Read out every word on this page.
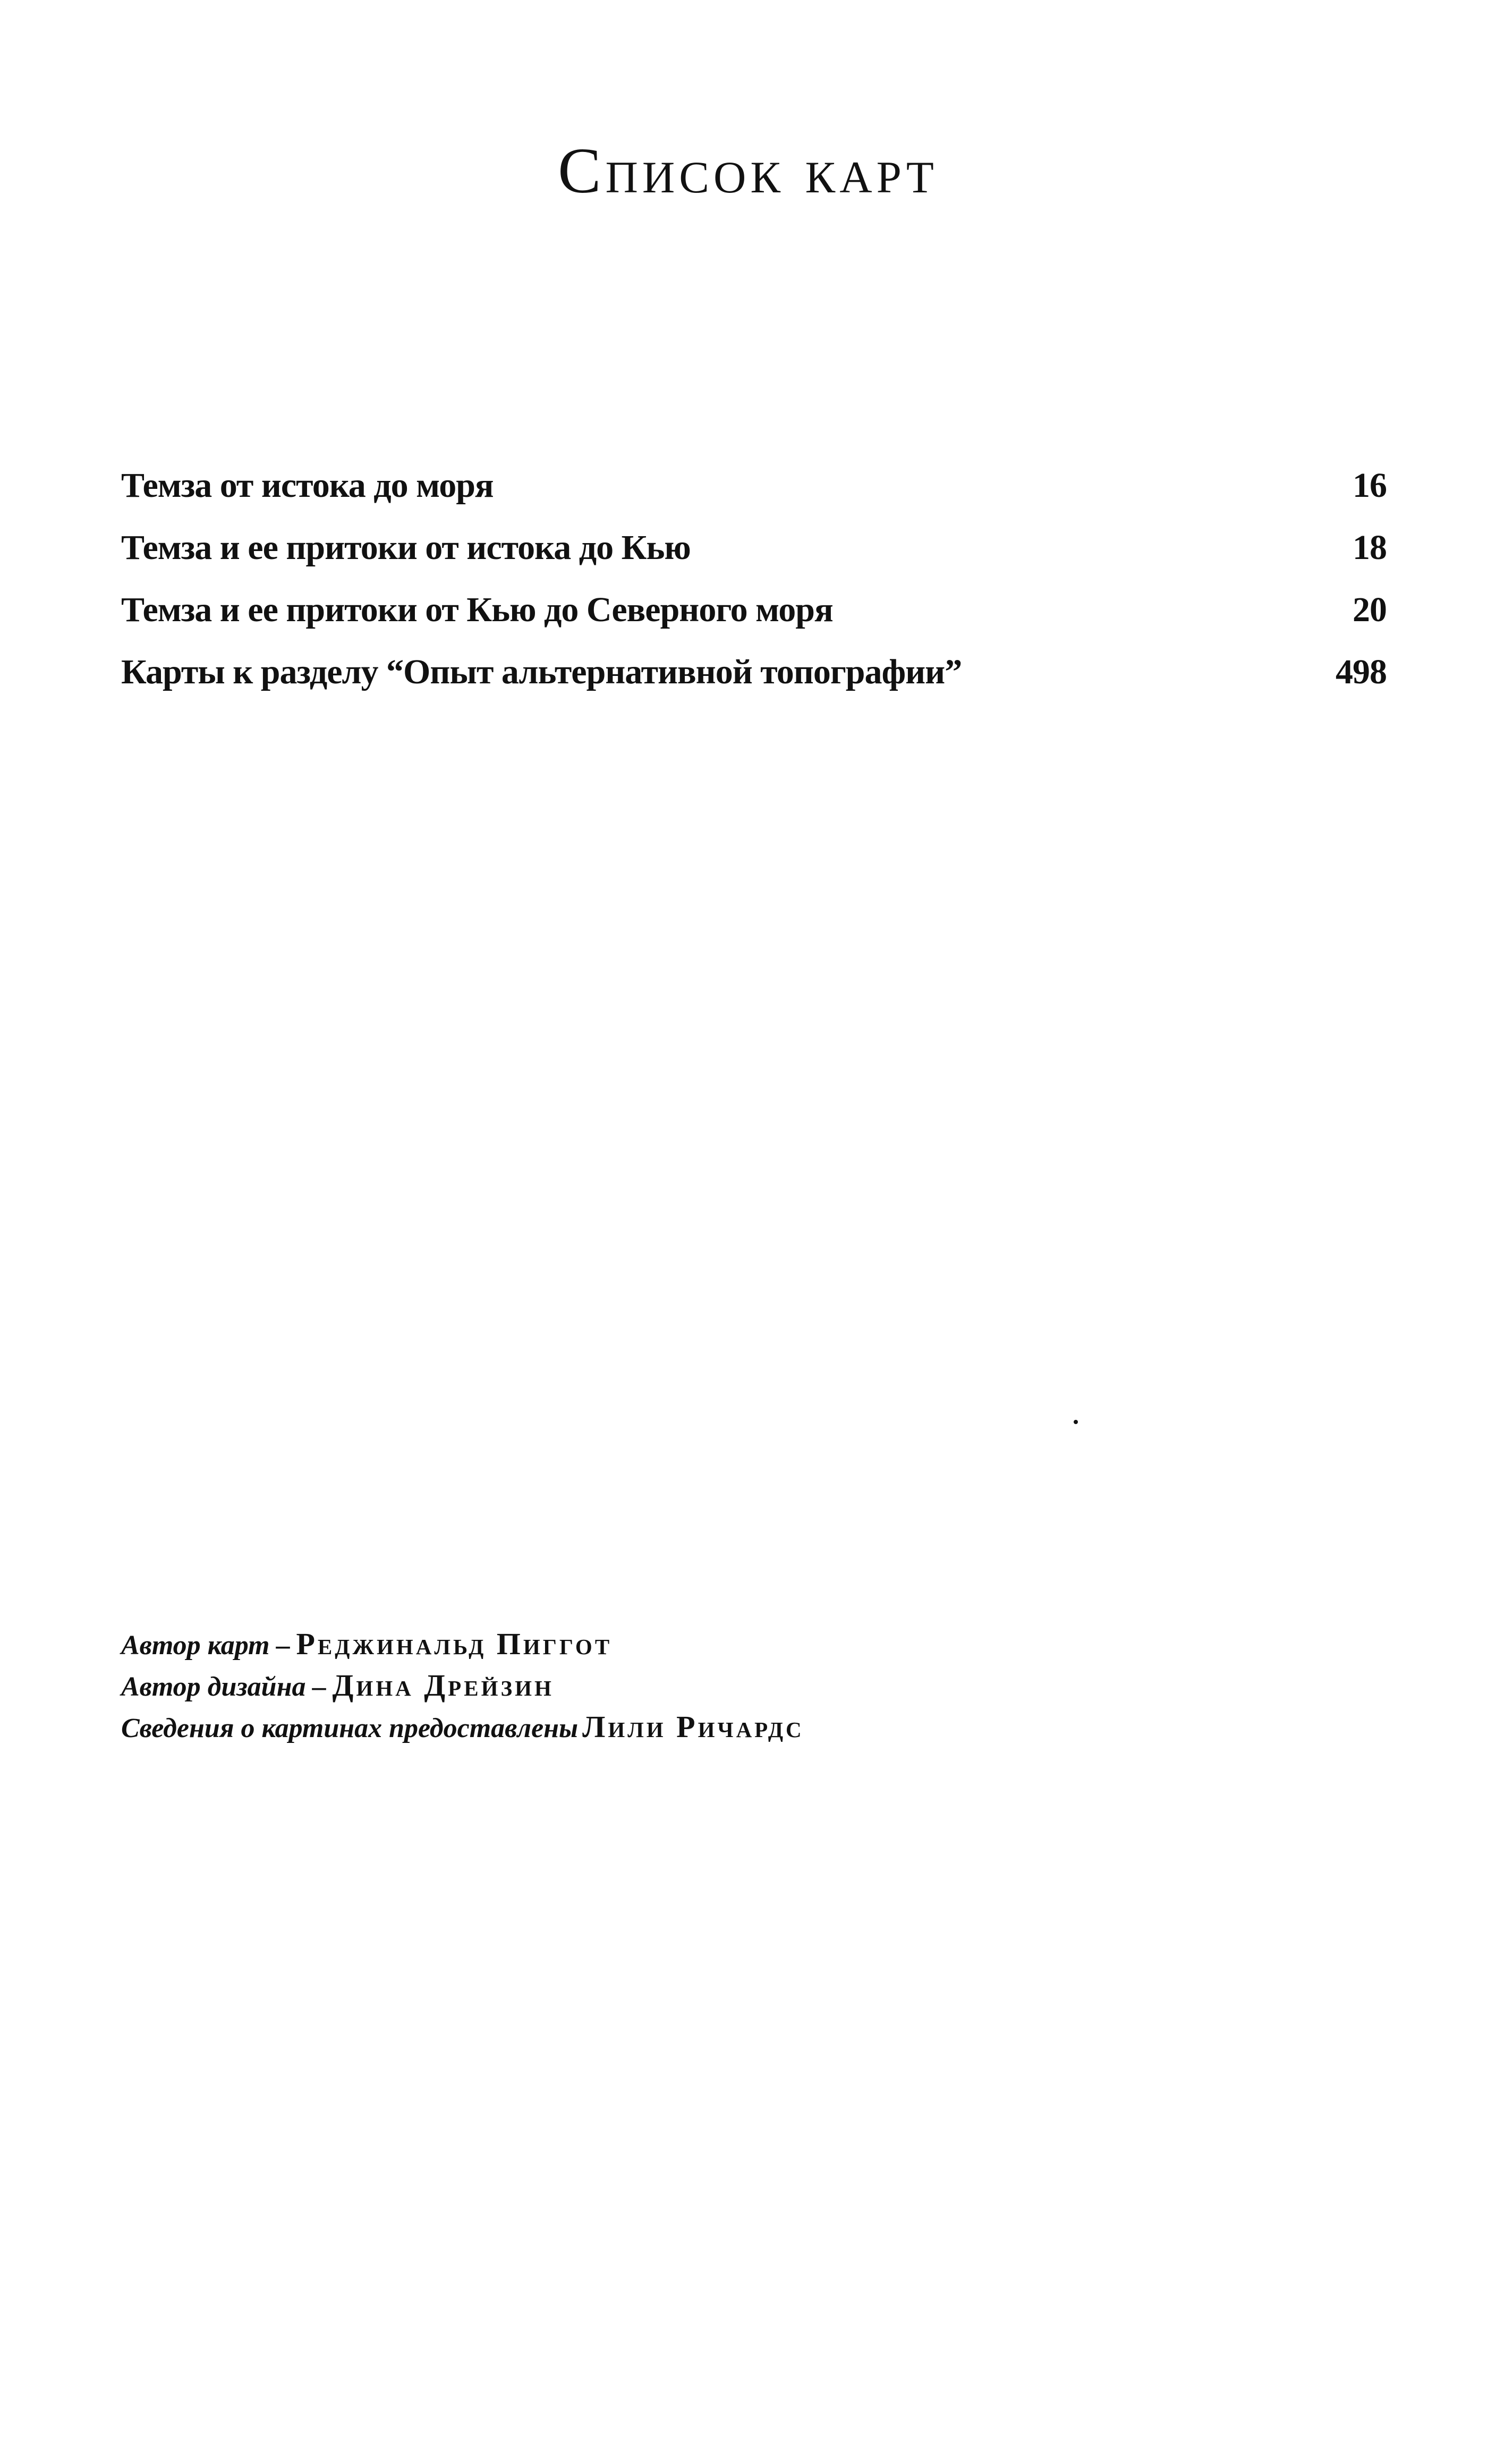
Список карт
Темза от истока до моря	16
Темза и ее притоки от истока до Кью	18
Темза и ее притоки от Кью до Северного моря	20
Карты к разделу “Опыт альтернативной топографии”	498
Автор карт – Реджинальд Пиггот
Автор дизайна – Дина Дрейзин
Сведения о картинах предоставлены Лили Ричардс
